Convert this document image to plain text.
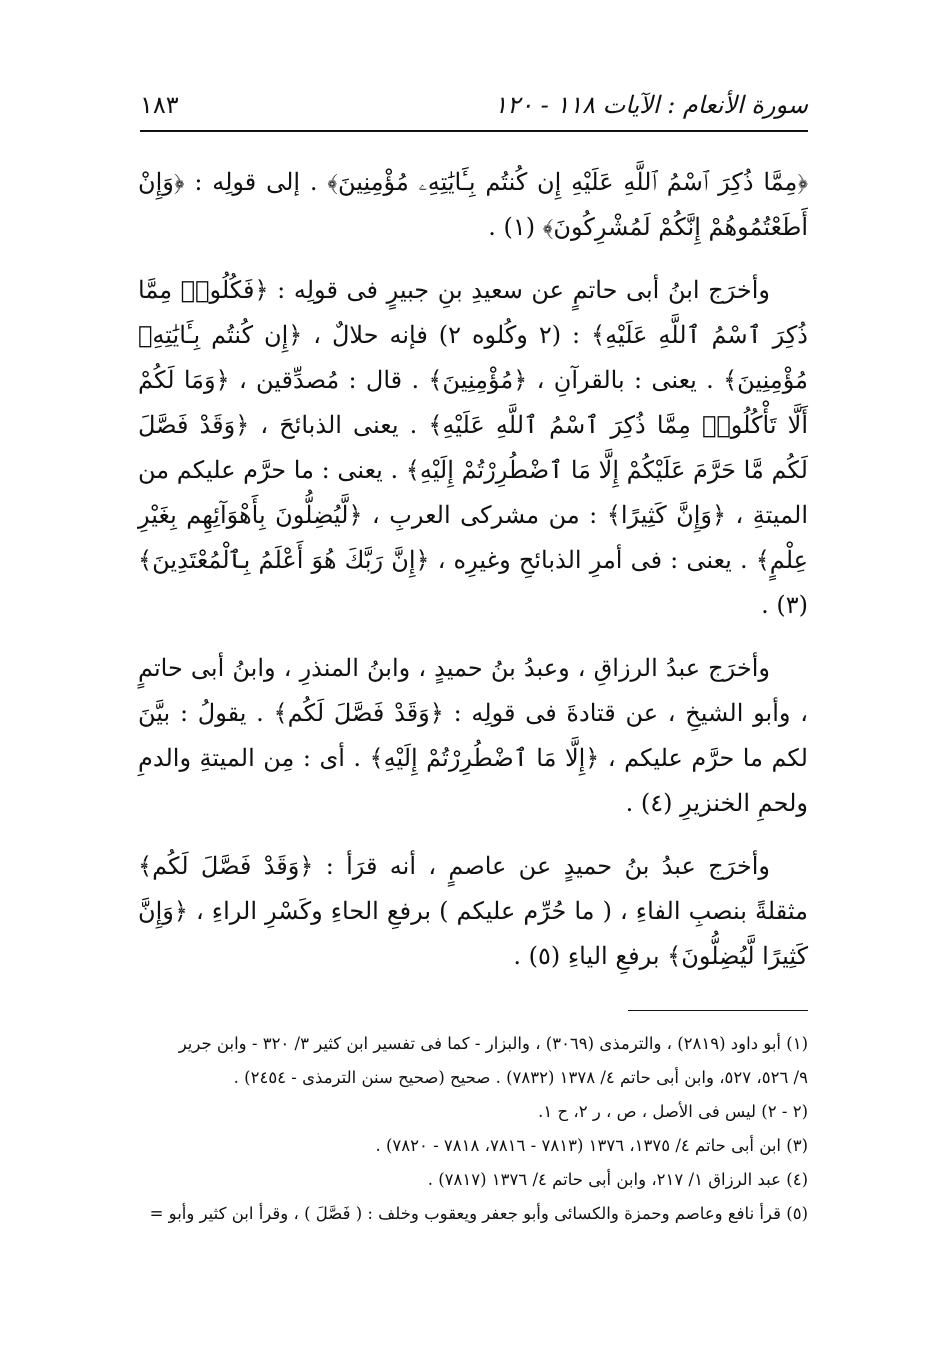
سورة الأنعام : الآيات ١١٨ - ١٢٠
١٨٣

﴿مِمَّا ذُكِرَ ٱسْمُ ٱللَّهِ عَلَيْهِ إِن كُنتُم بِـَٔايَٰتِهِۦ مُؤْمِنِينَ﴾ . إلى قولِه : ﴿وَإِنْ أَطَعْتُمُوهُمْ إِنَّكُمْ لَمُشْرِكُونَ﴾ (١) .

وأخرَج ابنُ أبى حاتمٍ عن سعيدِ بنِ جبيرٍ فى قولِه : ﴿فَكُلُوا۟ مِمَّا ذُكِرَ ٱسْمُ ٱللَّهِ عَلَيْهِ﴾ : (٢ وكُلوه ٢) فإنه حلالٌ ، ﴿إِن كُنتُم بِـَٔايَٰتِهِۦ مُؤْمِنِينَ﴾ . يعنى : بالقرآنِ ، ﴿مُؤْمِنِينَ﴾ . قال : مُصدِّقين ، ﴿وَمَا لَكُمْ أَلَّا تَأْكُلُوا۟ مِمَّا ذُكِرَ ٱسْمُ ٱللَّهِ عَلَيْهِ﴾ . يعنى الذبائحَ ، ﴿وَقَدْ فَصَّلَ لَكُم مَّا حَرَّمَ عَلَيْكُمْ إِلَّا مَا ٱضْطُرِرْتُمْ إِلَيْهِ﴾ . يعنى : ما حرَّم عليكم من الميتةِ ، ﴿وَإِنَّ كَثِيرًا﴾ : من مشركى العربِ ، ﴿لَّيُضِلُّونَ بِأَهْوَآئِهِم بِغَيْرِ عِلْمٍ﴾ . يعنى : فى أمرِ الذبائحِ وغيرِه ، ﴿إِنَّ رَبَّكَ هُوَ أَعْلَمُ بِٱلْمُعْتَدِينَ﴾ (٣) .

وأخرَج عبدُ الرزاقِ ، وعبدُ بنُ حميدٍ ، وابنُ المنذرِ ، وابنُ أبى حاتمٍ ، وأبو الشيخِ ، عن قتادةَ فى قولِه : ﴿وَقَدْ فَصَّلَ لَكُم﴾ . يقولُ : بيَّنَ لكم ما حرَّم عليكم ، ﴿إِلَّا مَا ٱضْطُرِرْتُمْ إِلَيْهِ﴾ . أى : مِن الميتةِ والدمِ ولحمِ الخنزيرِ (٤) .

وأخرَج عبدُ بنُ حميدٍ عن عاصمٍ ، أنه قرَأ : ﴿وَقَدْ فَصَّلَ لَكُم﴾ مثقلةً بنصبِ الفاءِ ، ( ما حُرِّم عليكم ) برفعِ الحاءِ وكَسْرِ الراءِ ، ﴿وَإِنَّ كَثِيرًا لَّيُضِلُّونَ﴾ برفعِ الياءِ (٥) .

(١) أبو داود (٢٨١٩) ، والترمذى (٣٠٦٩) ، والبزار - كما فى تفسير ابن كثير ٣/ ٣٢٠ - وابن جرير
٩/ ٥٢٦، ٥٢٧، وابن أبى حاتم ٤/ ١٣٧٨ (٧٨٣٢) . صحيح (صحيح سنن الترمذى - ٢٤٥٤) .
(٢ - ٢) ليس فى الأصل ، ص ، ر ٢، ح ١.
(٣) ابن أبى حاتم ٤/ ١٣٧٥، ١٣٧٦ (٧٨١٣ - ٧٨١٦، ٧٨١٨ - ٧٨٢٠) .
(٤) عبد الرزاق ١/ ٢١٧، وابن أبى حاتم ٤/ ١٣٧٦ (٧٨١٧) .
(٥) قرأ نافع وعاصم وحمزة والكسائى وأبو جعفر ويعقوب وخلف : ( فَصَّلَ ) ، وقرأ ابن كثير وأبو =
